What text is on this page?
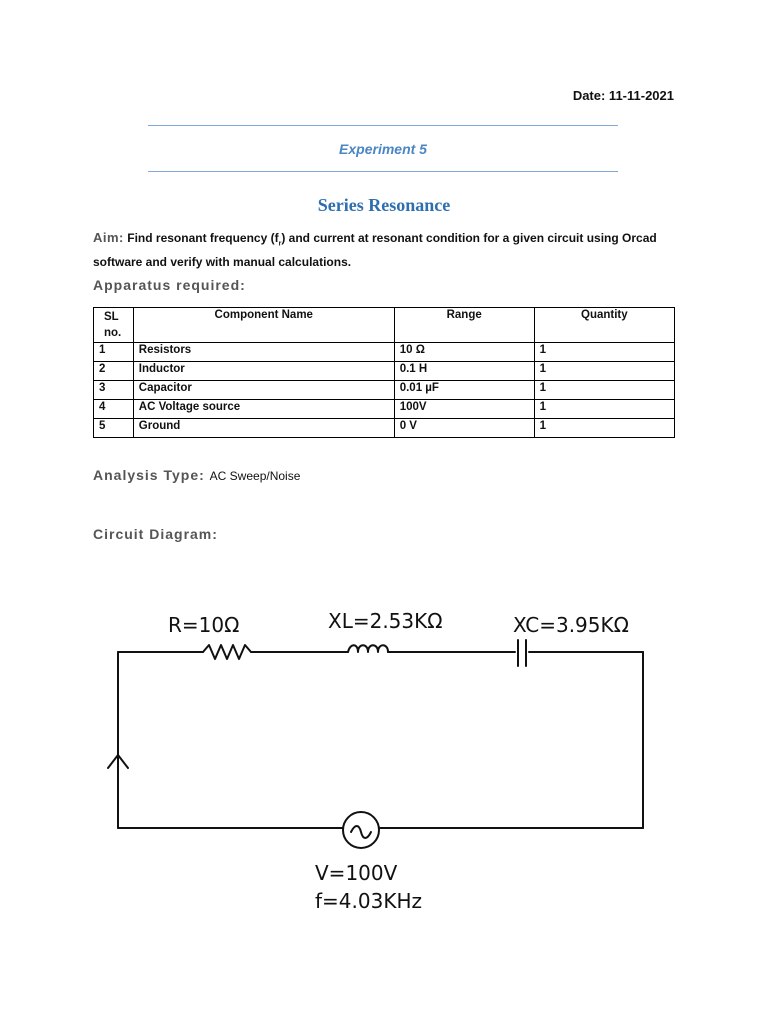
Date: 11-11-2021
Experiment 5
Series Resonance
Aim: Find resonant frequency $(f_r)$ and current at resonant condition for a given circuit using Orcad software and verify with manual calculations.
Apparatus required:
SL no.	Component Name	Range	Quantity
1	Resistors	10 Ω	1
2	Inductor	0.1 H	1
3	Capacitor	0.01 µF	1
4	AC Voltage source	100V	1
5	Ground	0 V	1
Analysis Type: AC Sweep/Noise
Circuit Diagram:
R=10Ω	XL=2.53KΩ	XC=3.95KΩ
V=100V
f=4.03KHz
